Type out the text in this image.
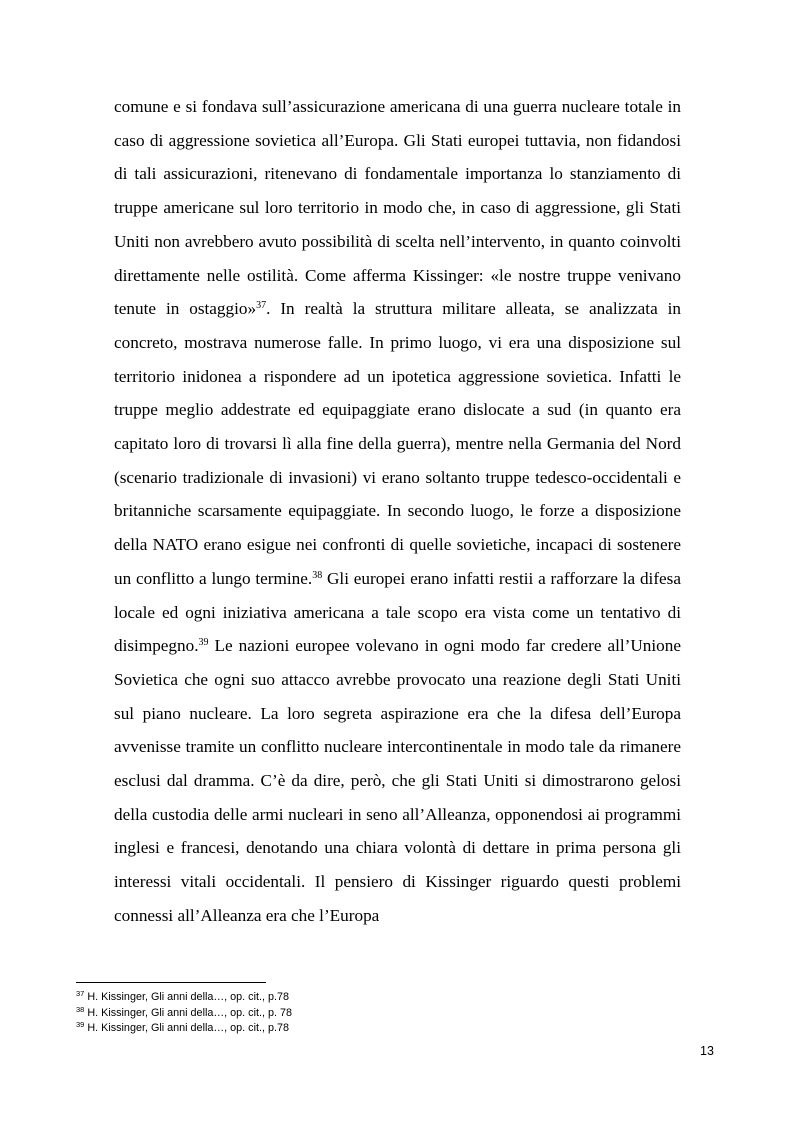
comune e si fondava sull’assicurazione americana di una guerra nucleare totale in caso di aggressione sovietica all’Europa. Gli Stati europei tuttavia, non fidandosi di tali assicurazioni, ritenevano di fondamentale importanza lo stanziamento di truppe americane sul loro territorio in modo che, in caso di aggressione, gli Stati Uniti non avrebbero avuto possibilità di scelta nell’intervento, in quanto coinvolti direttamente nelle ostilità. Come afferma Kissinger: «le nostre truppe venivano tenute in ostaggio»$^{37}$. In realtà la struttura militare alleata, se analizzata in concreto, mostrava numerose falle. In primo luogo, vi era una disposizione sul territorio inidonea a rispondere ad un ipotetica aggressione sovietica. Infatti le truppe meglio addestrate ed equipaggiate erano dislocate a sud (in quanto era capitato loro di trovarsi lì alla fine della guerra), mentre nella Germania del Nord (scenario tradizionale di invasioni) vi erano soltanto truppe tedesco-occidentali e britanniche scarsamente equipaggiate. In secondo luogo, le forze a disposizione della NATO erano esigue nei confronti di quelle sovietiche, incapaci di sostenere un conflitto a lungo termine.$^{38}$ Gli europei erano infatti restii a rafforzare la difesa locale ed ogni iniziativa americana a tale scopo era vista come un tentativo di disimpegno.$^{39}$ Le nazioni europee volevano in ogni modo far credere all’Unione Sovietica che ogni suo attacco avrebbe provocato una reazione degli Stati Uniti sul piano nucleare. La loro segreta aspirazione era che la difesa dell’Europa avvenisse tramite un conflitto nucleare intercontinentale in modo tale da rimanere esclusi dal dramma. C’è da dire, però, che gli Stati Uniti si dimostrarono gelosi della custodia delle armi nucleari in seno all’Alleanza, opponendosi ai programmi inglesi e francesi, denotando una chiara volontà di dettare in prima persona gli interessi vitali occidentali. Il pensiero di Kissinger riguardo questi problemi connessi all’Alleanza era che l’Europa

$^{37}$ H. Kissinger, Gli anni della…, op. cit., p.78
$^{38}$ H. Kissinger, Gli anni della…, op. cit., p. 78
$^{39}$ H. Kissinger, Gli anni della…, op. cit., p.78
13
